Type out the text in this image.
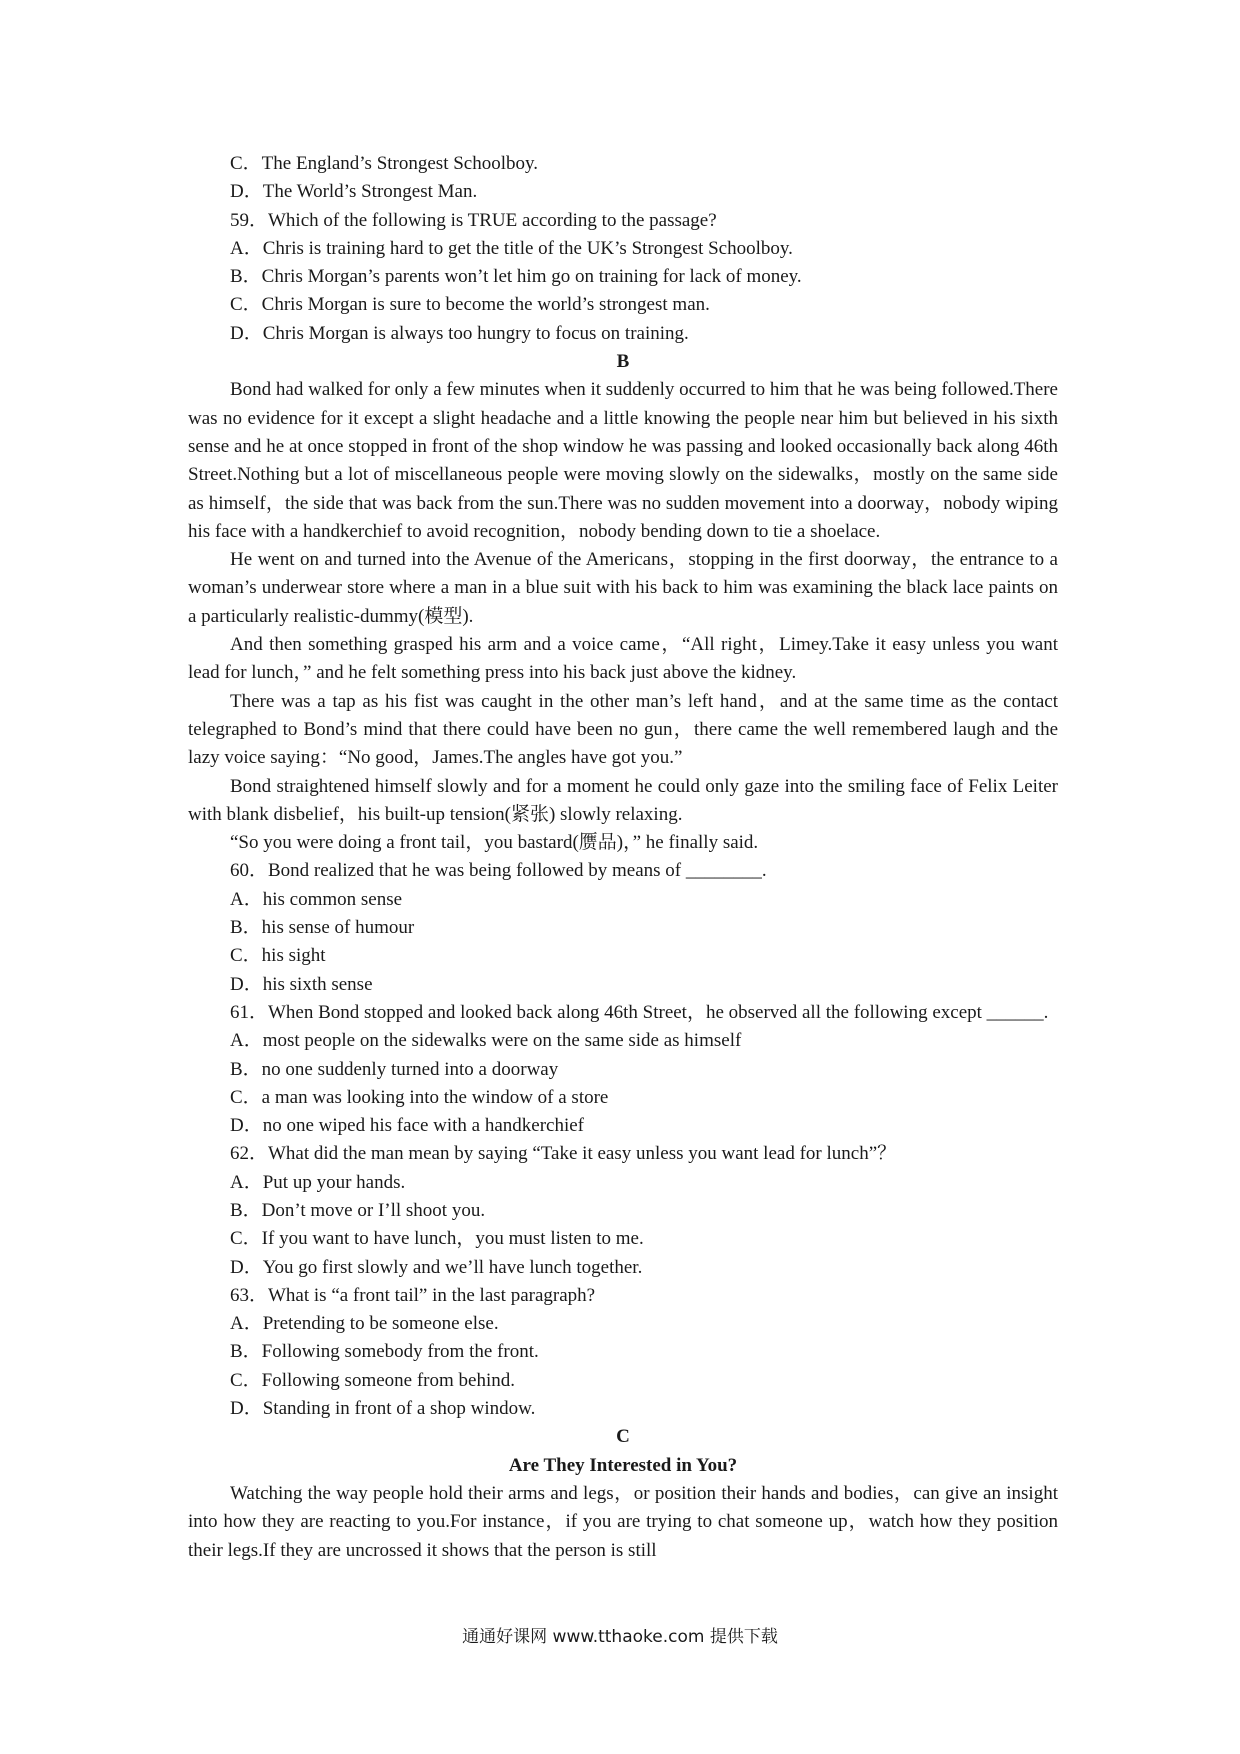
C．The England’s Strongest Schoolboy.

D．The World’s Strongest Man.

59．Which of the following is TRUE according to the passage?

A．Chris is training hard to get the title of the UK’s Strongest Schoolboy.

B．Chris Morgan’s parents won’t let him go on training for lack of money.

C．Chris Morgan is sure to become the world’s strongest man.

D．Chris Morgan is always too hungry to focus on training.

B

Bond had walked for only a few minutes when it suddenly occurred to him that he was being followed.There was no evidence for it except a slight headache and a little knowing the people near him but believed in his sixth sense and he at once stopped in front of the shop window he was passing and looked occasionally back along 46th Street.Nothing but a lot of miscellaneous people were moving slowly on the sidewalks，mostly on the same side as himself，the side that was back from the sun.There was no sudden movement into a doorway，nobody wiping his face with a handkerchief to avoid recognition，nobody bending down to tie a shoelace.

He went on and turned into the Avenue of the Americans，stopping in the first doorway，the entrance to a woman’s underwear store where a man in a blue suit with his back to him was examining the black lace paints on a particularly realistic-dummy(模型).

And then something grasped his arm and a voice came，“All right，Limey.Take it easy unless you want lead for lunch，” and he felt something press into his back just above the kidney.

There was a tap as his fist was caught in the other man’s left hand，and at the same time as the contact telegraphed to Bond’s mind that there could have been no gun，there came the well remembered laugh and the lazy voice saying：“No good，James.The angles have got you.”

Bond straightened himself slowly and for a moment he could only gaze into the smiling face of Felix Leiter with blank disbelief，his built-up tension(紧张) slowly relaxing.

“So you were doing a front tail，you bastard(赝品)，” he finally said.

60．Bond realized that he was being followed by means of ________.

A．his common sense

B．his sense of humour

C．his sight

D．his sixth sense

61．When Bond stopped and looked back along 46th Street，he observed all the following except ______.

A．most people on the sidewalks were on the same side as himself

B．no one suddenly turned into a doorway

C．a man was looking into the window of a store

D．no one wiped his face with a handkerchief

62．What did the man mean by saying “Take it easy unless you want lead for lunch”？

A．Put up your hands.

B．Don’t move or I’ll shoot you.

C．If you want to have lunch，you must listen to me.

D．You go first slowly and we’ll have lunch together.

63．What is “a front tail” in the last paragraph?

A．Pretending to be someone else.

B．Following somebody from the front.

C．Following someone from behind.

D．Standing in front of a shop window.

C

Are They Interested in You?

Watching the way people hold their arms and legs，or position their hands and bodies，can give an insight into how they are reacting to you.For instance，if you are trying to chat someone up，watch how they position their legs.If they are uncrossed it shows that the person is still

通通好课网 www.tthaoke.com 提供下载
